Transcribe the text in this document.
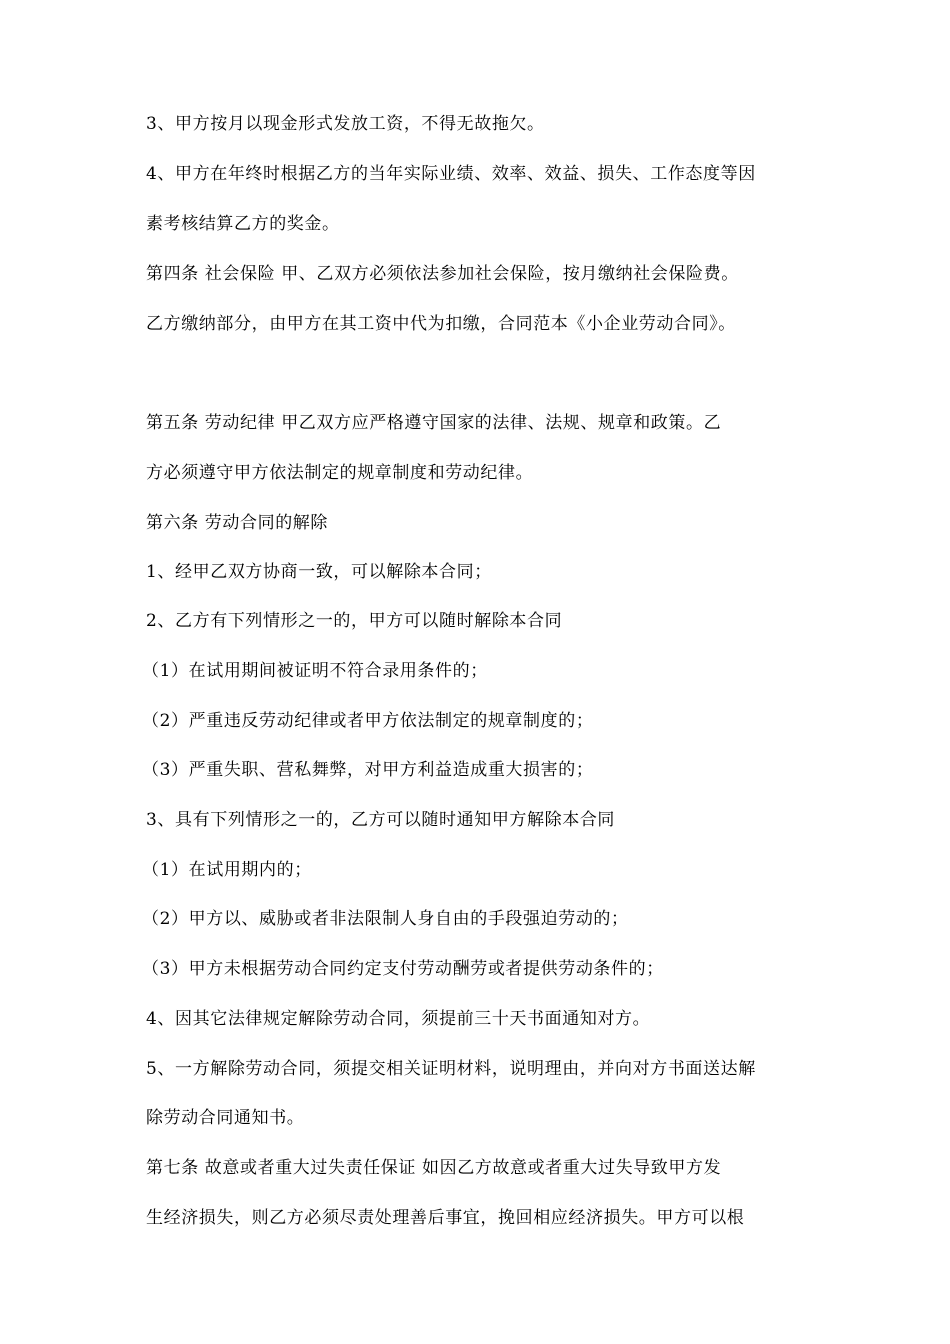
3、甲方按月以现金形式发放工资，不得无故拖欠。
4、甲方在年终时根据乙方的当年实际业绩、效率、效益、损失、工作态度等因
素考核结算乙方的奖金。
第四条 社会保险 甲、乙双方必须依法参加社会保险，按月缴纳社会保险费。
乙方缴纳部分，由甲方在其工资中代为扣缴，合同范本《小企业劳动合同》。
第五条 劳动纪律 甲乙双方应严格遵守国家的法律、法规、规章和政策。乙
方必须遵守甲方依法制定的规章制度和劳动纪律。
第六条 劳动合同的解除
1、经甲乙双方协商一致，可以解除本合同；
2、乙方有下列情形之一的，甲方可以随时解除本合同
（1）在试用期间被证明不符合录用条件的；
（2）严重违反劳动纪律或者甲方依法制定的规章制度的；
（3）严重失职、营私舞弊，对甲方利益造成重大损害的；
3、具有下列情形之一的，乙方可以随时通知甲方解除本合同
（1）在试用期内的；
（2）甲方以、威胁或者非法限制人身自由的手段强迫劳动的；
（3）甲方未根据劳动合同约定支付劳动酬劳或者提供劳动条件的；
4、因其它法律规定解除劳动合同，须提前三十天书面通知对方。
5、一方解除劳动合同，须提交相关证明材料，说明理由，并向对方书面送达解
除劳动合同通知书。
第七条 故意或者重大过失责任保证 如因乙方故意或者重大过失导致甲方发
生经济损失，则乙方必须尽责处理善后事宜，挽回相应经济损失。甲方可以根
